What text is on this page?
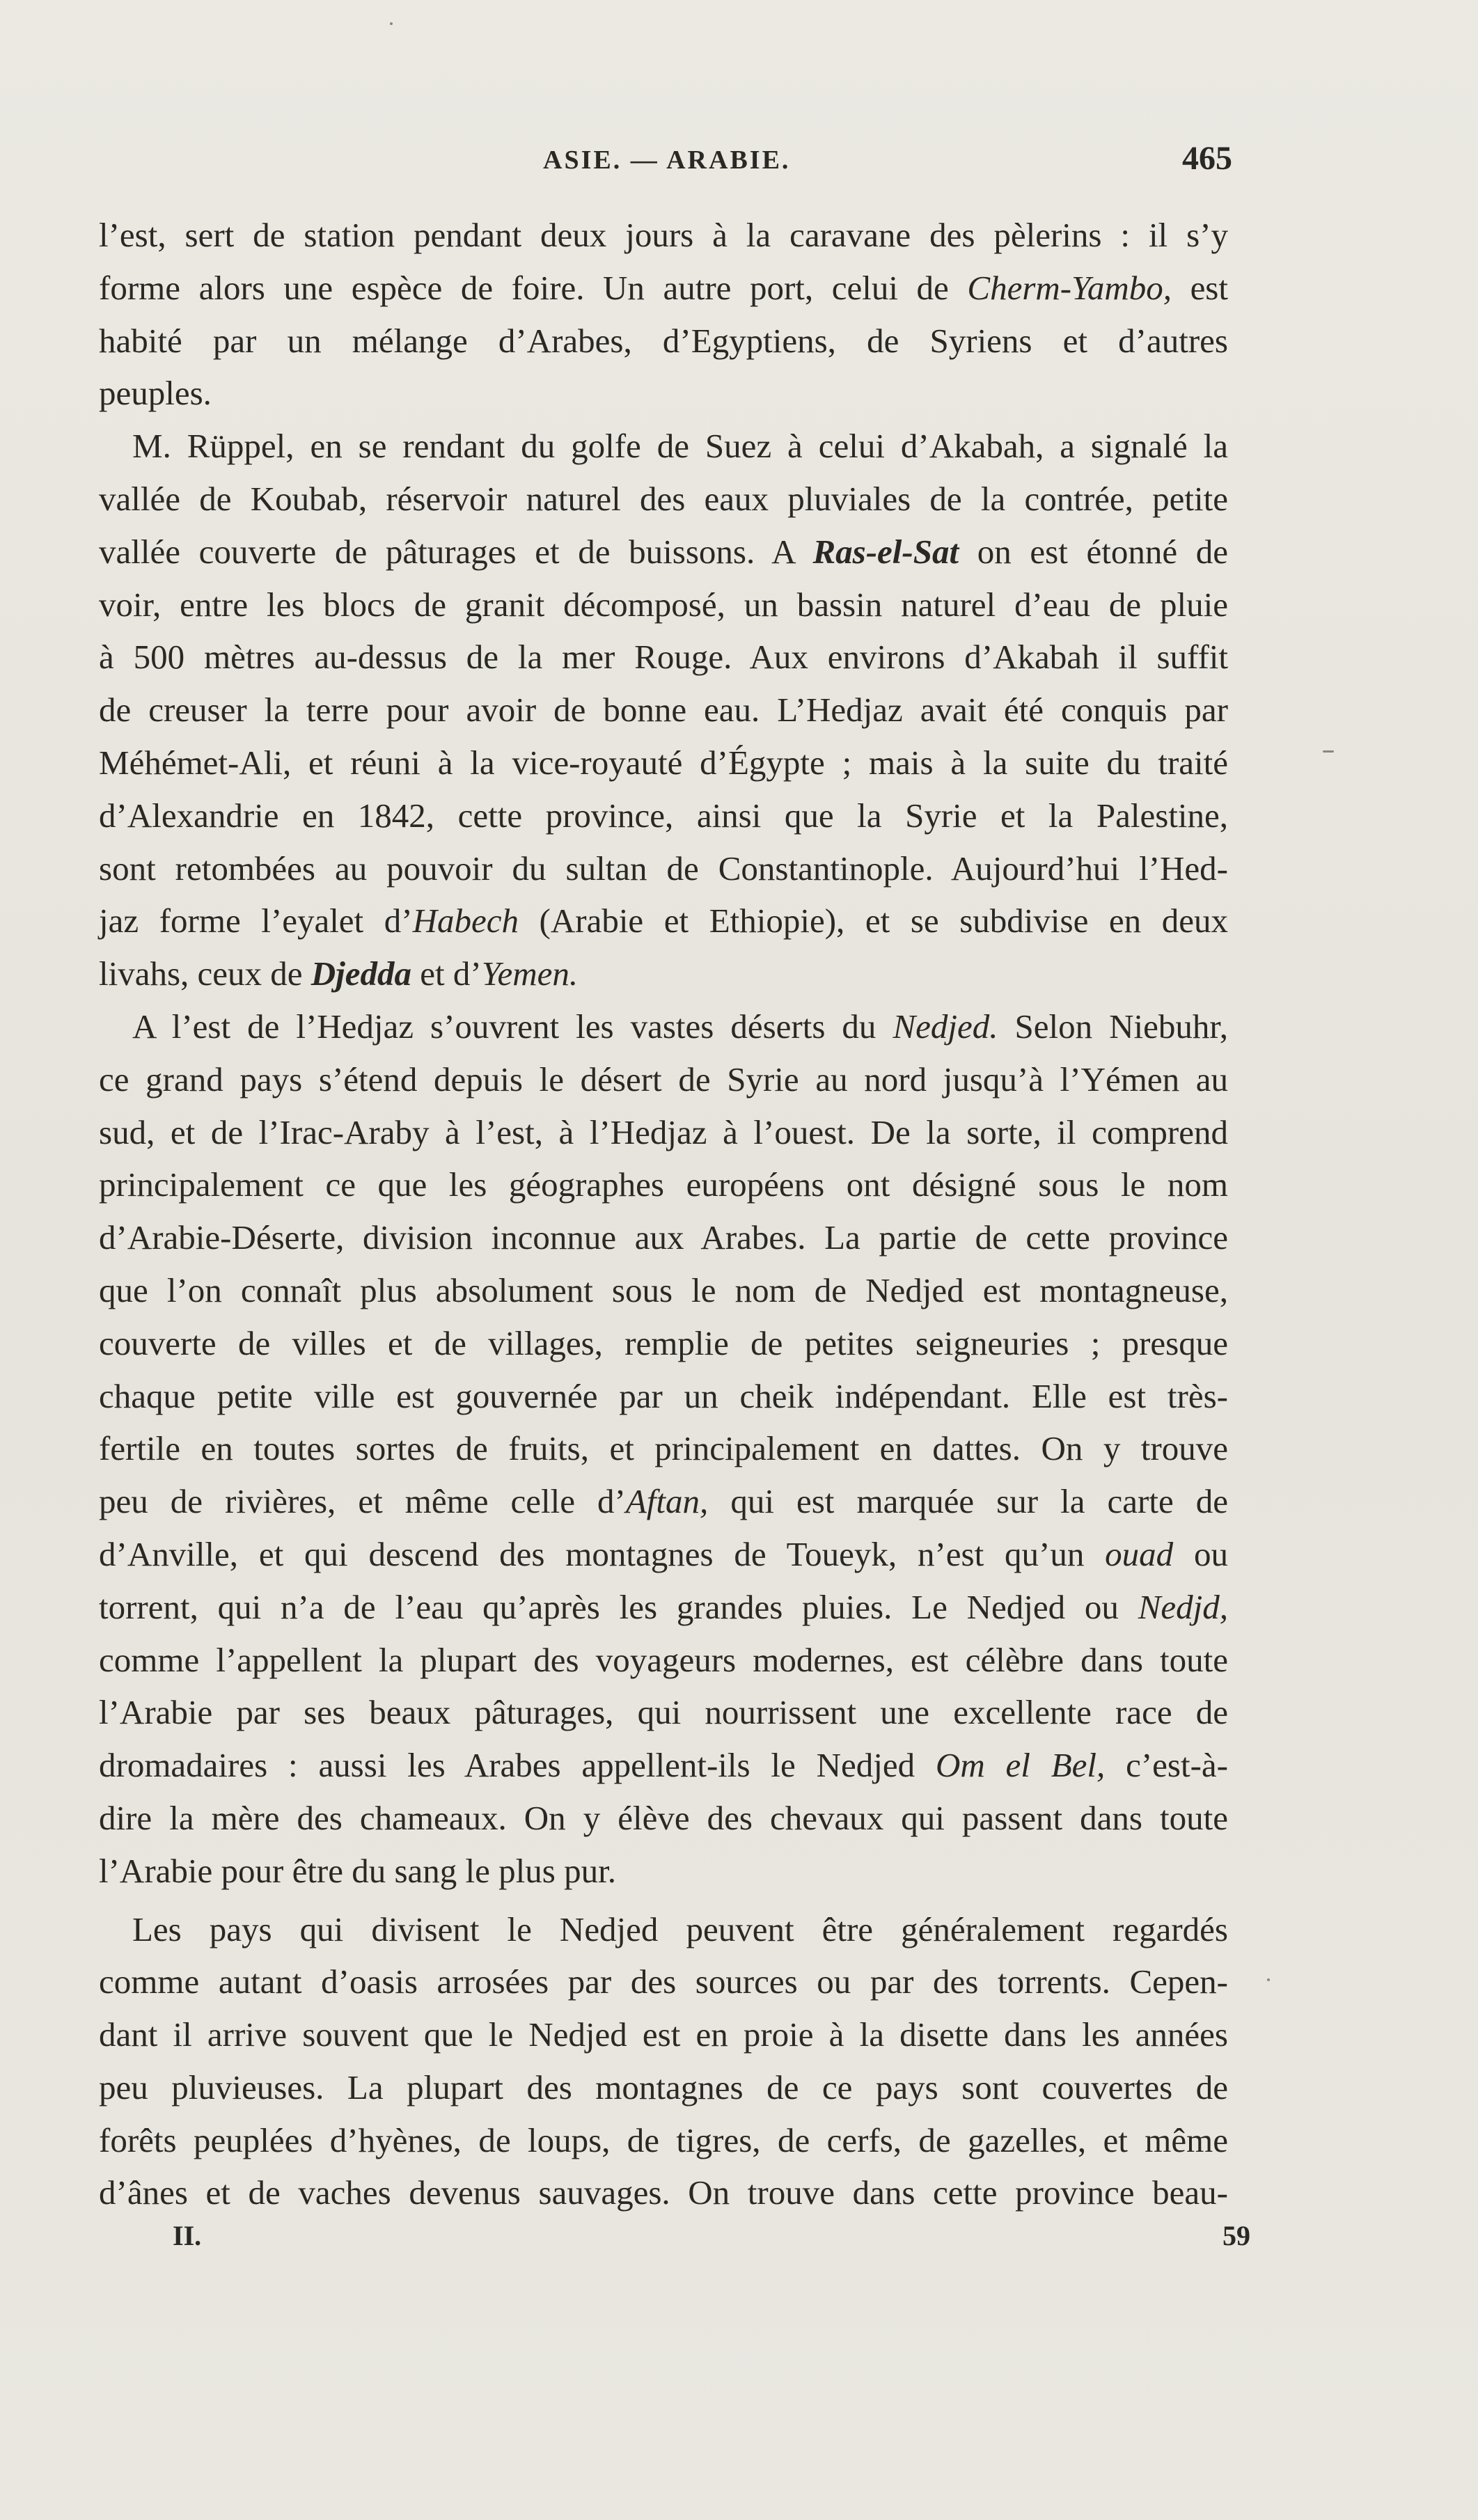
ASIE. — ARABIE.	465
l’est, sert de station pendant deux jours à la caravane des pèlerins : il s’y
forme alors une espèce de foire. Un autre port, celui de Cherm-Yambo, est
habité par un mélange d’Arabes, d’Egyptiens, de Syriens et d’autres
peuples.
M. Rüppel, en se rendant du golfe de Suez à celui d’Akabah, a signalé la
vallée de Koubab, réservoir naturel des eaux pluviales de la contrée, petite
vallée couverte de pâturages et de buissons. A Ras-el-Sat on est étonné de
voir, entre les blocs de granit décomposé, un bassin naturel d’eau de pluie
à 500 mètres au-dessus de la mer Rouge. Aux environs d’Akabah il suffit
de creuser la terre pour avoir de bonne eau. L’Hedjaz avait été conquis par
Méhémet-Ali, et réuni à la vice-royauté d’Égypte ; mais à la suite du traité
d’Alexandrie en 1842, cette province, ainsi que la Syrie et la Palestine,
sont retombées au pouvoir du sultan de Constantinople. Aujourd’hui l’Hed-
jaz forme l’eyalet d’Habech (Arabie et Ethiopie), et se subdivise en deux
livahs, ceux de Djedda et d’Yemen.
A l’est de l’Hedjaz s’ouvrent les vastes déserts du Nedjed. Selon Niebuhr,
ce grand pays s’étend depuis le désert de Syrie au nord jusqu’à l’Yémen au
sud, et de l’Irac-Araby à l’est, à l’Hedjaz à l’ouest. De la sorte, il comprend
principalement ce que les géographes européens ont désigné sous le nom
d’Arabie-Déserte, division inconnue aux Arabes. La partie de cette province
que l’on connaît plus absolument sous le nom de Nedjed est montagneuse,
couverte de villes et de villages, remplie de petites seigneuries ; presque
chaque petite ville est gouvernée par un cheik indépendant. Elle est très-
fertile en toutes sortes de fruits, et principalement en dattes. On y trouve
peu de rivières, et même celle d’Aftan, qui est marquée sur la carte de
d’Anville, et qui descend des montagnes de Toueyk, n’est qu’un ouad ou
torrent, qui n’a de l’eau qu’après les grandes pluies. Le Nedjed ou Nedjd,
comme l’appellent la plupart des voyageurs modernes, est célèbre dans toute
l’Arabie par ses beaux pâturages, qui nourrissent une excellente race de
dromadaires : aussi les Arabes appellent-ils le Nedjed Om el Bel, c’est-à-
dire la mère des chameaux. On y élève des chevaux qui passent dans toute
l’Arabie pour être du sang le plus pur.
Les pays qui divisent le Nedjed peuvent être généralement regardés
comme autant d’oasis arrosées par des sources ou par des torrents. Cepen-
dant il arrive souvent que le Nedjed est en proie à la disette dans les années
peu pluvieuses. La plupart des montagnes de ce pays sont couvertes de
forêts peuplées d’hyènes, de loups, de tigres, de cerfs, de gazelles, et même
d’ânes et de vaches devenus sauvages. On trouve dans cette province beau-
II.	59
